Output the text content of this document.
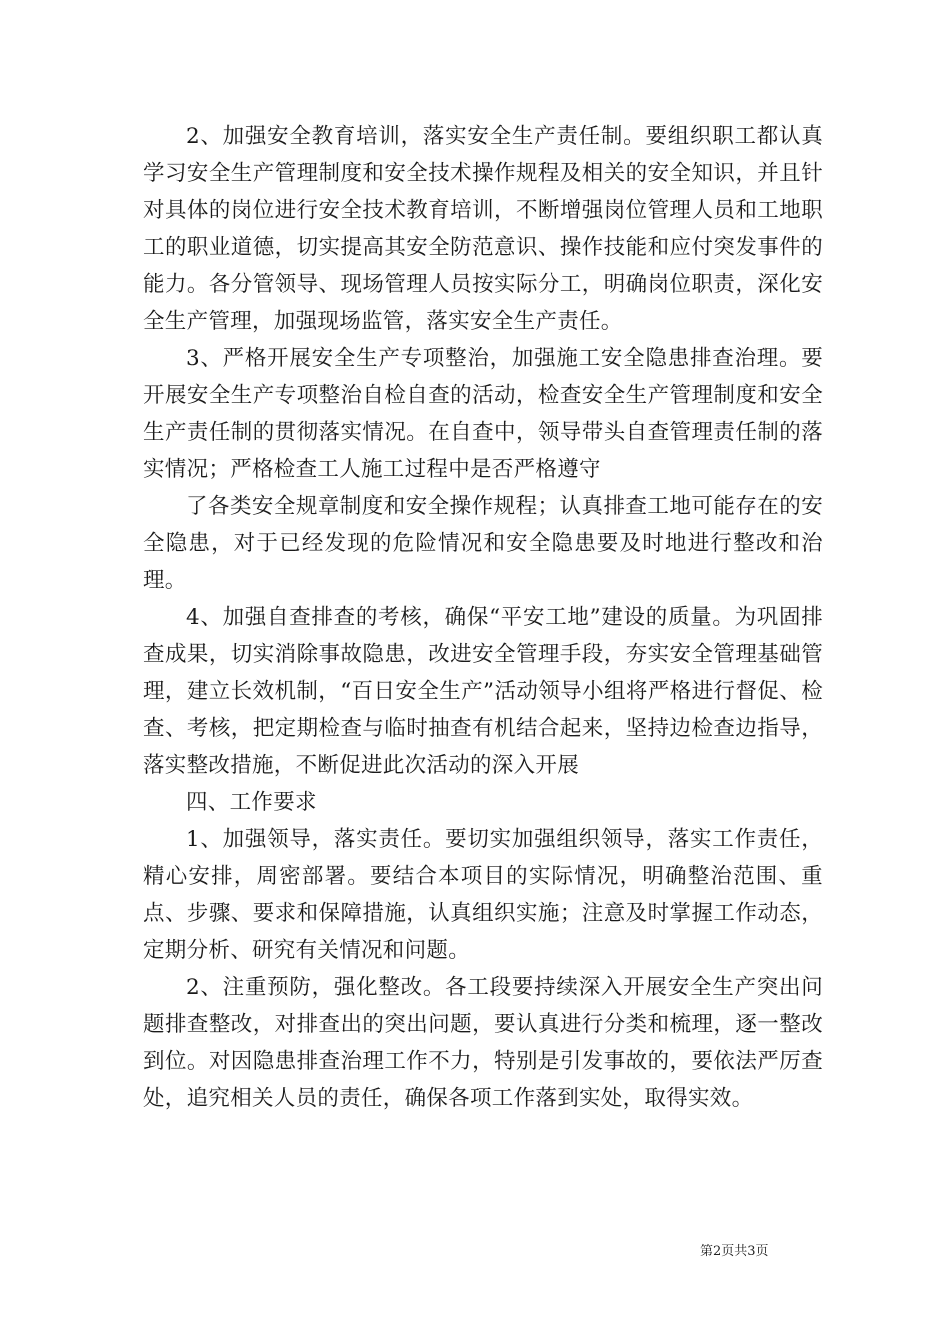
2、加强安全教育培训，落实安全生产责任制。要组织职工都认真学习安全生产管理制度和安全技术操作规程及相关的安全知识，并且针对具体的岗位进行安全技术教育培训，不断增强岗位管理人员和工地职工的职业道德，切实提高其安全防范意识、操作技能和应付突发事件的能力。各分管领导、现场管理人员按实际分工，明确岗位职责，深化安全生产管理，加强现场监管，落实安全生产责任。

3、严格开展安全生产专项整治，加强施工安全隐患排查治理。要开展安全生产专项整治自检自查的活动，检查安全生产管理制度和安全生产责任制的贯彻落实情况。在自查中，领导带头自查管理责任制的落实情况；严格检查工人施工过程中是否严格遵守

了各类安全规章制度和安全操作规程；认真排查工地可能存在的安全隐患，对于已经发现的危险情况和安全隐患要及时地进行整改和治理。

4、加强自查排查的考核，确保“平安工地”建设的质量。为巩固排查成果，切实消除事故隐患，改进安全管理手段，夯实安全管理基础管理，建立长效机制，“百日安全生产”活动领导小组将严格进行督促、检查、考核，把定期检查与临时抽查有机结合起来，坚持边检查边指导，落实整改措施，不断促进此次活动的深入开展

四、工作要求

1、加强领导，落实责任。要切实加强组织领导，落实工作责任，精心安排，周密部署。要结合本项目的实际情况，明确整治范围、重点、步骤、要求和保障措施，认真组织实施；注意及时掌握工作动态，定期分析、研究有关情况和问题。

2、注重预防，强化整改。各工段要持续深入开展安全生产突出问题排查整改，对排查出的突出问题，要认真进行分类和梳理，逐一整改到位。对因隐患排查治理工作不力，特别是引发事故的，要依法严厉查处，追究相关人员的责任，确保各项工作落到实处，取得实效。

第2页共3页
